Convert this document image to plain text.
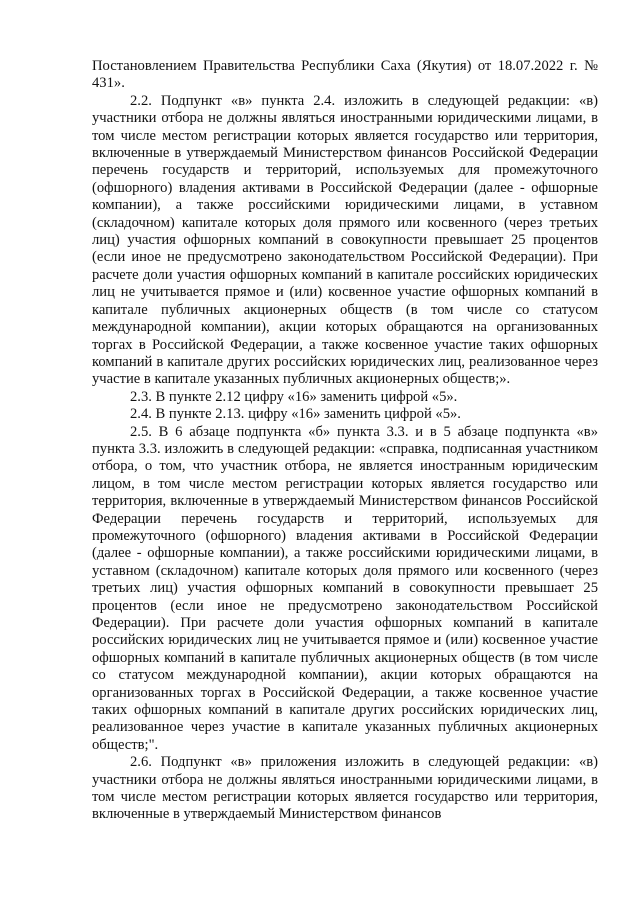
Постановлением Правительства Республики Саха (Якутия) от 18.07.2022 г. № 431».

2.2. Подпункт «в» пункта 2.4. изложить в следующей редакции: «в) участники отбора не должны являться иностранными юридическими лицами, в том числе местом регистрации которых является государство или территория, включенные в утверждаемый Министерством финансов Российской Федерации перечень государств и территорий, используемых для промежуточного (офшорного) владения активами в Российской Федерации (далее - офшорные компании), а также российскими юридическими лицами, в уставном (складочном) капитале которых доля прямого или косвенного (через третьих лиц) участия офшорных компаний в совокупности превышает 25 процентов (если иное не предусмотрено законодательством Российской Федерации). При расчете доли участия офшорных компаний в капитале российских юридических лиц не учитывается прямое и (или) косвенное участие офшорных компаний в капитале публичных акционерных обществ (в том числе со статусом международной компании), акции которых обращаются на организованных торгах в Российской Федерации, а также косвенное участие таких офшорных компаний в капитале других российских юридических лиц, реализованное через участие в капитале указанных публичных акционерных обществ;».

2.3. В пункте 2.12 цифру «16» заменить цифрой «5».

2.4. В пункте 2.13. цифру «16» заменить цифрой «5».

2.5. В 6 абзаце подпункта «б» пункта 3.3. и в 5 абзаце подпункта «в» пункта 3.3. изложить в следующей редакции: «справка, подписанная участником отбора, о том, что участник отбора, не является иностранным юридическим лицом, в том числе местом регистрации которых является государство или территория, включенные в утверждаемый Министерством финансов Российской Федерации перечень государств и территорий, используемых для промежуточного (офшорного) владения активами в Российской Федерации (далее - офшорные компании), а также российскими юридическими лицами, в уставном (складочном) капитале которых доля прямого или косвенного (через третьих лиц) участия офшорных компаний в совокупности превышает 25 процентов (если иное не предусмотрено законодательством Российской Федерации). При расчете доли участия офшорных компаний в капитале российских юридических лиц не учитывается прямое и (или) косвенное участие офшорных компаний в капитале публичных акционерных обществ (в том числе со статусом международной компании), акции которых обращаются на организованных торгах в Российской Федерации, а также косвенное участие таких офшорных компаний в капитале других российских юридических лиц, реализованное через участие в капитале указанных публичных акционерных обществ;".

2.6. Подпункт «в» приложения изложить в следующей редакции: «в) участники отбора не должны являться иностранными юридическими лицами, в том числе местом регистрации которых является государство или территория, включенные в утверждаемый Министерством финансов
